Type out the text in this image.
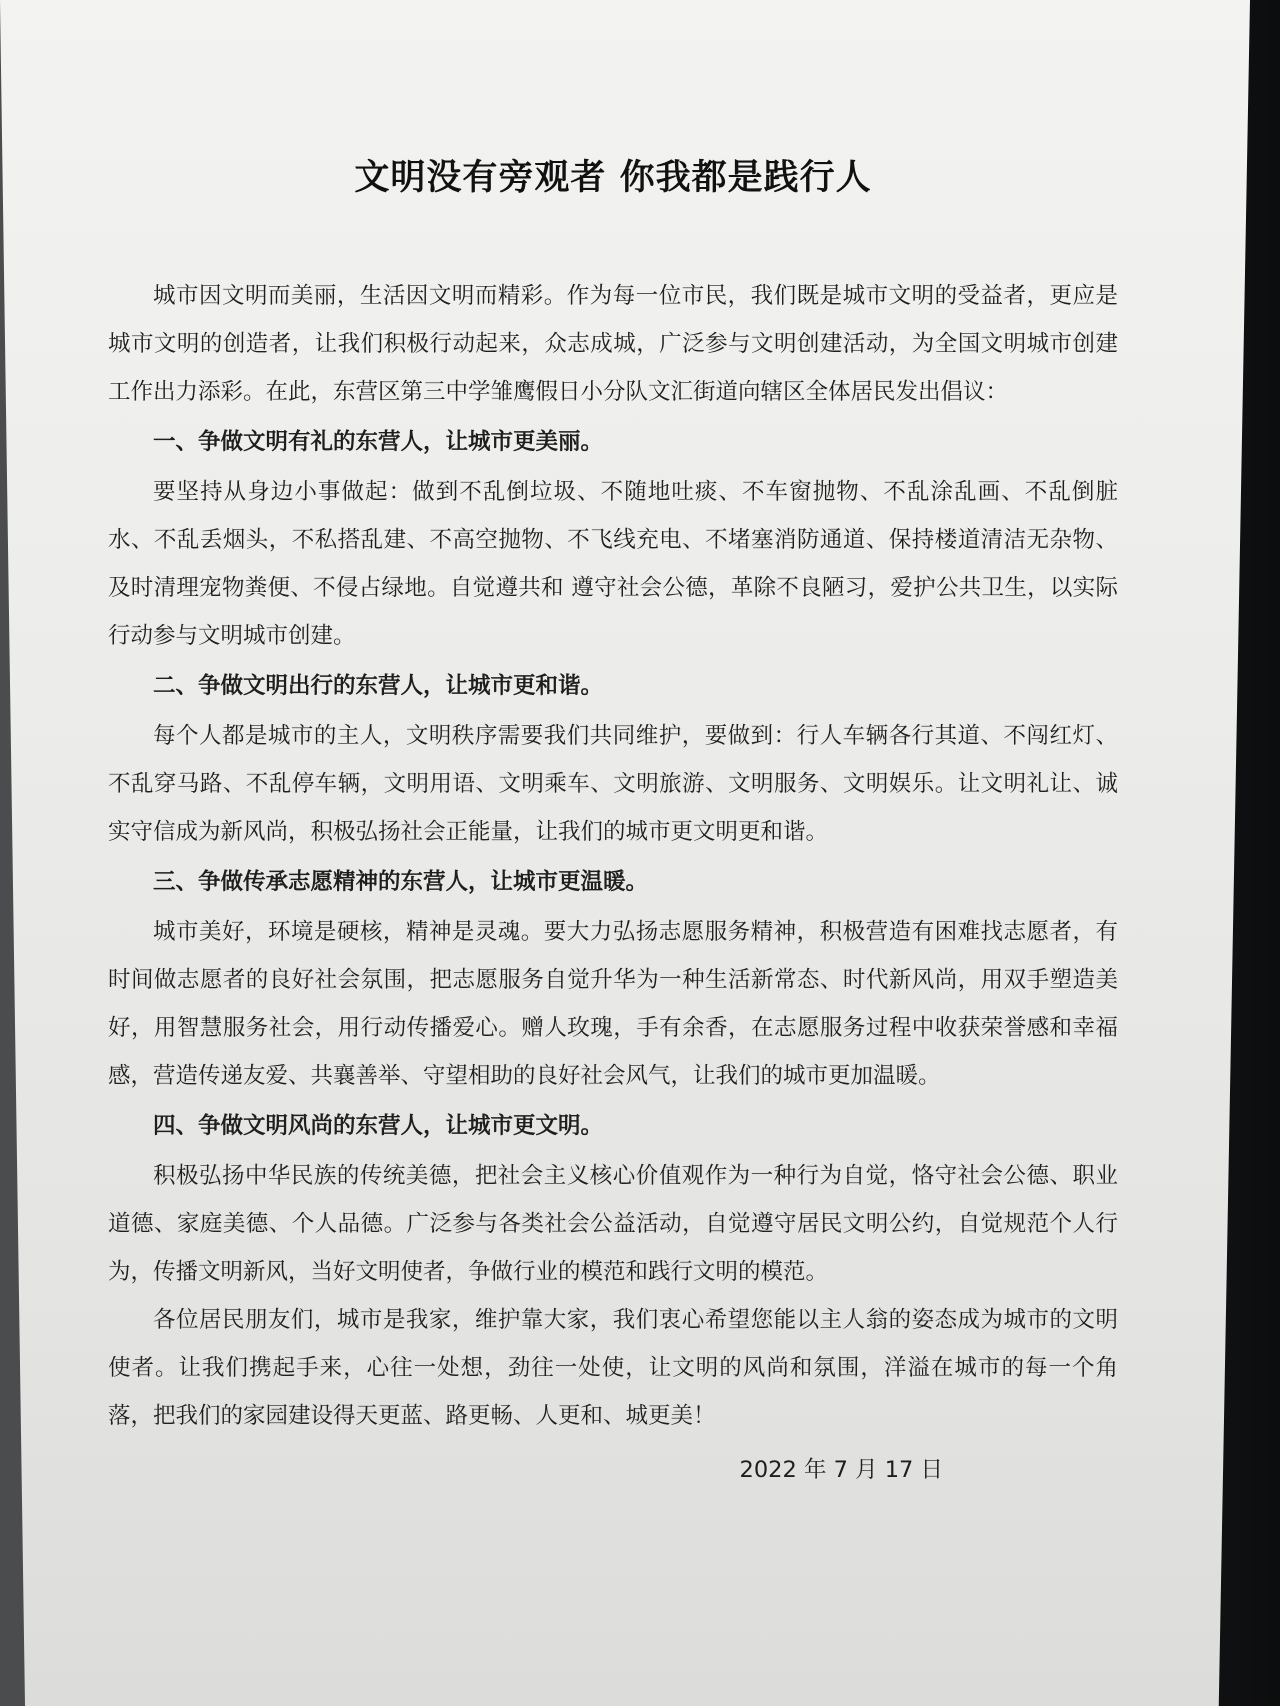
文明没有旁观者 你我都是践行人

城市因文明而美丽，生活因文明而精彩。作为每一位市民，我们既是城市文明的受益者，更应是城市文明的创造者，让我们积极行动起来，众志成城，广泛参与文明创建活动，为全国文明城市创建工作出力添彩。在此，东营区第三中学雏鹰假日小分队文汇街道向辖区全体居民发出倡议：

一、争做文明有礼的东营人，让城市更美丽。

要坚持从身边小事做起：做到不乱倒垃圾、不随地吐痰、不车窗抛物、不乱涂乱画、不乱倒脏水、不乱丢烟头，不私搭乱建、不高空抛物、不飞线充电、不堵塞消防通道、保持楼道清洁无杂物、及时清理宠物粪便、不侵占绿地。自觉遵共和 遵守社会公德，革除不良陋习，爱护公共卫生，以实际行动参与文明城市创建。

二、争做文明出行的东营人，让城市更和谐。

每个人都是城市的主人，文明秩序需要我们共同维护，要做到：行人车辆各行其道、不闯红灯、不乱穿马路、不乱停车辆，文明用语、文明乘车、文明旅游、文明服务、文明娱乐。让文明礼让、诚实守信成为新风尚，积极弘扬社会正能量，让我们的城市更文明更和谐。

三、争做传承志愿精神的东营人，让城市更温暖。

城市美好，环境是硬核，精神是灵魂。要大力弘扬志愿服务精神，积极营造有困难找志愿者，有时间做志愿者的良好社会氛围，把志愿服务自觉升华为一种生活新常态、时代新风尚，用双手塑造美好，用智慧服务社会，用行动传播爱心。赠人玫瑰，手有余香，在志愿服务过程中收获荣誉感和幸福感，营造传递友爱、共襄善举、守望相助的良好社会风气，让我们的城市更加温暖。

四、争做文明风尚的东营人，让城市更文明。

积极弘扬中华民族的传统美德，把社会主义核心价值观作为一种行为自觉，恪守社会公德、职业道德、家庭美德、个人品德。广泛参与各类社会公益活动，自觉遵守居民文明公约，自觉规范个人行为，传播文明新风，当好文明使者，争做行业的模范和践行文明的模范。

各位居民朋友们，城市是我家，维护靠大家，我们衷心希望您能以主人翁的姿态成为城市的文明使者。让我们携起手来，心往一处想，劲往一处使，让文明的风尚和氛围，洋溢在城市的每一个角落，把我们的家园建设得天更蓝、路更畅、人更和、城更美！

2022 年 7 月 17 日
